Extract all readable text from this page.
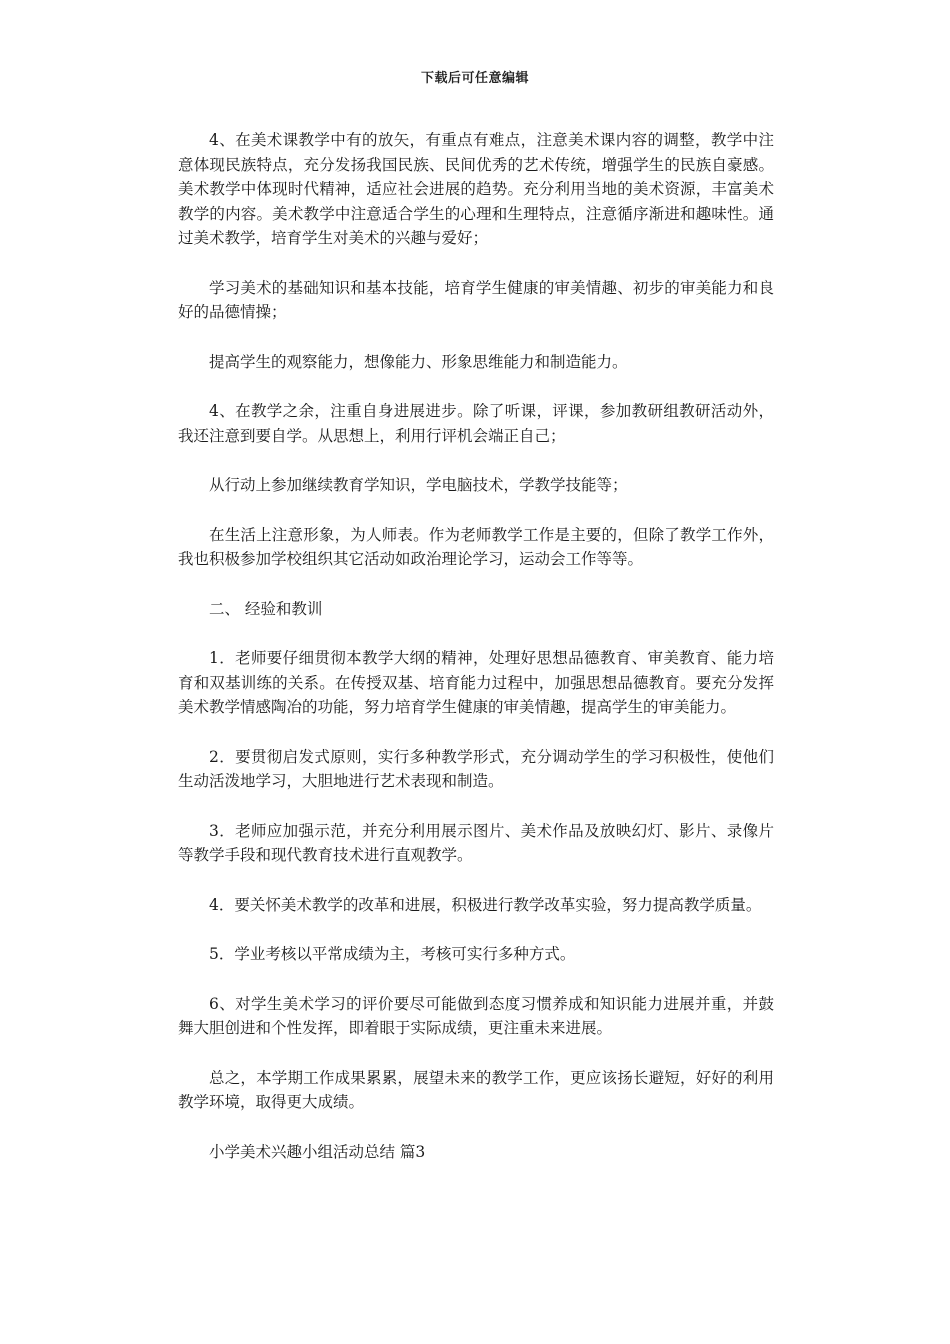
下载后可任意编辑

4、在美术课教学中有的放矢，有重点有难点，注意美术课内容的调整，教学中注意体现民族特点，充分发扬我国民族、民间优秀的艺术传统，增强学生的民族自豪感。美术教学中体现时代精神，适应社会进展的趋势。充分利用当地的美术资源，丰富美术教学的内容。美术教学中注意适合学生的心理和生理特点，注意循序渐进和趣味性。通过美术教学，培育学生对美术的兴趣与爱好；

学习美术的基础知识和基本技能，培育学生健康的审美情趣、初步的审美能力和良好的品德情操；

提高学生的观察能力，想像能力、形象思维能力和制造能力。

4、在教学之余，注重自身进展进步。除了听课，评课，参加教研组教研活动外，我还注意到要自学。从思想上，利用行评机会端正自己；

从行动上参加继续教育学知识，学电脑技术，学教学技能等；

在生活上注意形象，为人师表。作为老师教学工作是主要的，但除了教学工作外，我也积极参加学校组织其它活动如政治理论学习，运动会工作等等。

二、 经验和教训

1．老师要仔细贯彻本教学大纲的精神，处理好思想品德教育、审美教育、能力培育和双基训练的关系。在传授双基、培育能力过程中，加强思想品德教育。要充分发挥美术教学情感陶冶的功能，努力培育学生健康的审美情趣，提高学生的审美能力。

2．要贯彻启发式原则，实行多种教学形式，充分调动学生的学习积极性，使他们生动活泼地学习，大胆地进行艺术表现和制造。

3．老师应加强示范，并充分利用展示图片、美术作品及放映幻灯、影片、录像片等教学手段和现代教育技术进行直观教学。

4．要关怀美术教学的改革和进展，积极进行教学改革实验，努力提高教学质量。

5．学业考核以平常成绩为主，考核可实行多种方式。

6、对学生美术学习的评价要尽可能做到态度习惯养成和知识能力进展并重，并鼓舞大胆创进和个性发挥，即着眼于实际成绩，更注重未来进展。

总之，本学期工作成果累累，展望未来的教学工作，更应该扬长避短，好好的利用教学环境，取得更大成绩。

小学美术兴趣小组活动总结 篇3
